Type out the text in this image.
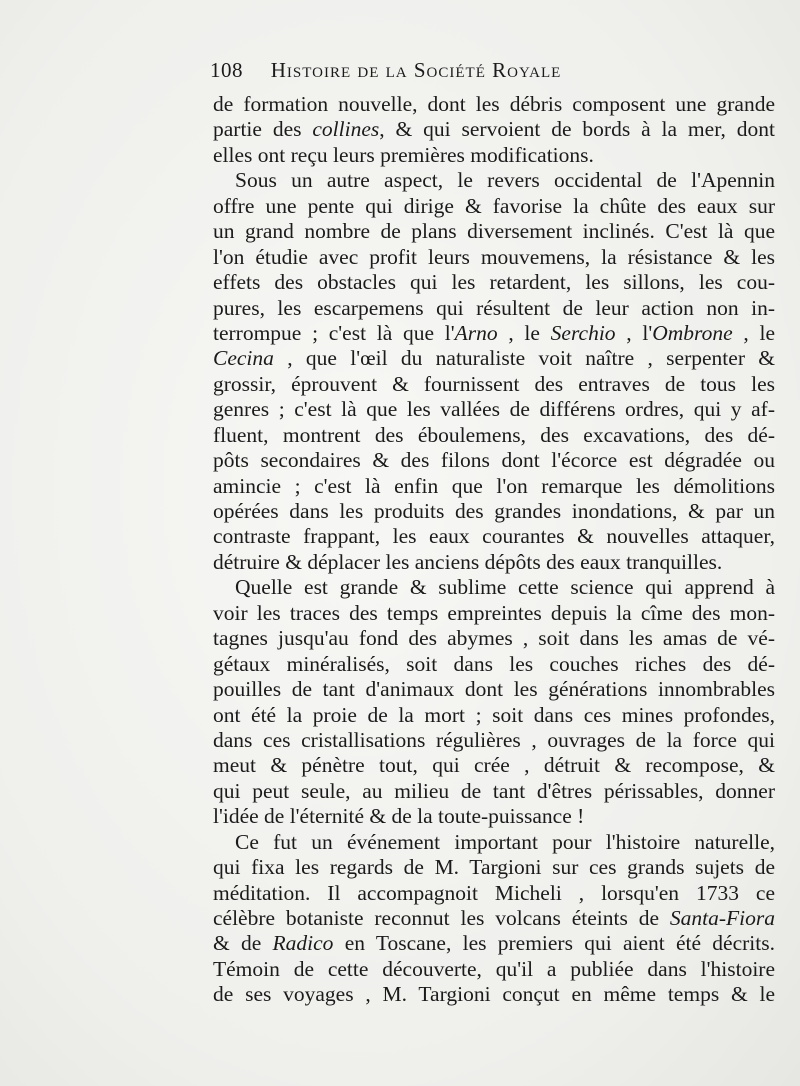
108 Histoire de la Société Royale
de formation nouvelle, dont les débris composent une grande
partie des collines, & qui servoient de bords à la mer, dont
elles ont reçu leurs premières modifications.
Sous un autre aspect, le revers occidental de l'Apennin
offre une pente qui dirige & favorise la chûte des eaux sur
un grand nombre de plans diversement inclinés. C'est là que
l'on étudie avec profit leurs mouvemens, la résistance & les
effets des obstacles qui les retardent, les sillons, les cou-
pures, les escarpemens qui résultent de leur action non in-
terrompue ; c'est là que l'Arno , le Serchio , l'Ombrone , le
Cecina , que l'œil du naturaliste voit naître , serpenter &
grossir, éprouvent & fournissent des entraves de tous les
genres ; c'est là que les vallées de différens ordres, qui y af-
fluent, montrent des éboulemens, des excavations, des dé-
pôts secondaires & des filons dont l'écorce est dégradée ou
amincie ; c'est là enfin que l'on remarque les démolitions
opérées dans les produits des grandes inondations, & par un
contraste frappant, les eaux courantes & nouvelles attaquer,
détruire & déplacer les anciens dépôts des eaux tranquilles.
Quelle est grande & sublime cette science qui apprend à
voir les traces des temps empreintes depuis la cîme des mon-
tagnes jusqu'au fond des abymes , soit dans les amas de vé-
gétaux minéralisés, soit dans les couches riches des dé-
pouilles de tant d'animaux dont les générations innombrables
ont été la proie de la mort ; soit dans ces mines profondes,
dans ces cristallisations régulières , ouvrages de la force qui
meut & pénètre tout, qui crée , détruit & recompose, &
qui peut seule, au milieu de tant d'êtres périssables, donner
l'idée de l'éternité & de la toute-puissance !
Ce fut un événement important pour l'histoire naturelle,
qui fixa les regards de M. Targioni sur ces grands sujets de
méditation. Il accompagnoit Micheli , lorsqu'en 1733 ce
célèbre botaniste reconnut les volcans éteints de Santa-Fiora
& de Radico en Toscane, les premiers qui aient été décrits.
Témoin de cette découverte, qu'il a publiée dans l'histoire
de ses voyages , M. Targioni conçut en même temps & le
